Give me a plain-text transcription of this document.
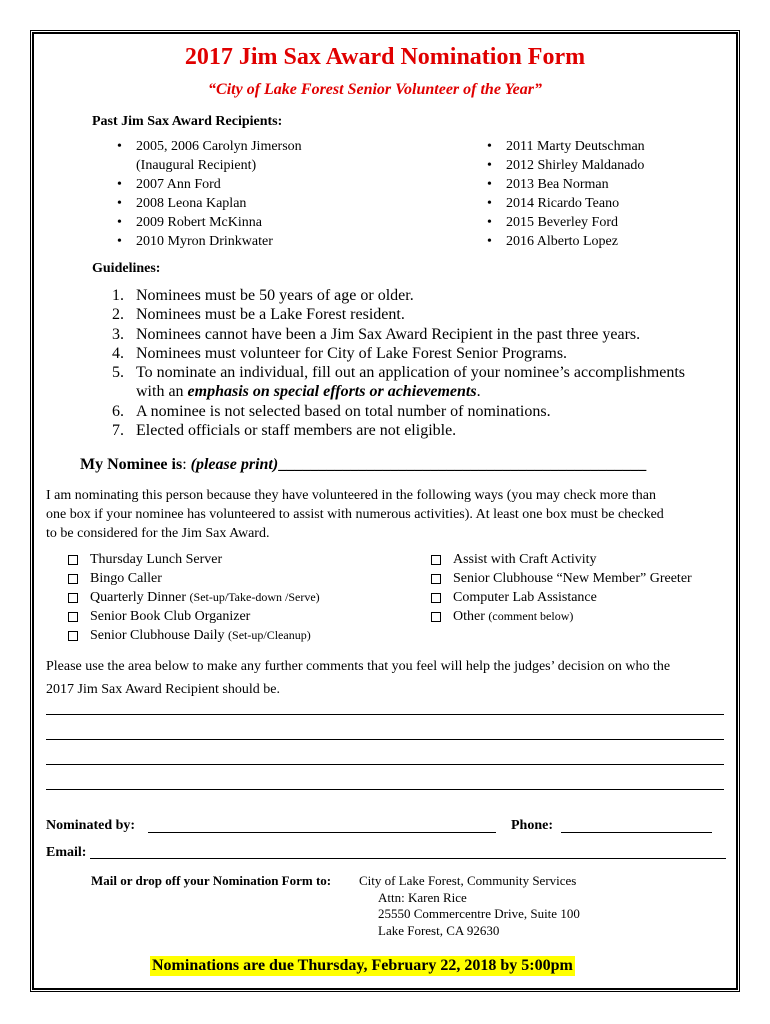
2017 Jim Sax Award Nomination Form
“City of Lake Forest Senior Volunteer of the Year”
Past Jim Sax Award Recipients:
• 2005, 2006 Carolyn Jimerson
(Inaugural Recipient)
• 2007 Ann Ford
• 2008 Leona Kaplan
• 2009 Robert McKinna
• 2010 Myron Drinkwater
• 2011 Marty Deutschman
• 2012 Shirley Maldanado
• 2013 Bea Norman
• 2014 Ricardo Teano
• 2015 Beverley Ford
• 2016 Alberto Lopez
Guidelines:
1. Nominees must be 50 years of age or older.
2. Nominees must be a Lake Forest resident.
3. Nominees cannot have been a Jim Sax Award Recipient in the past three years.
4. Nominees must volunteer for City of Lake Forest Senior Programs.
5. To nominate an individual, fill out an application of your nominee’s accomplishments
with an emphasis on special efforts or achievements.
6. A nominee is not selected based on total number of nominations.
7. Elected officials or staff members are not eligible.
My Nominee is: (please print)______________________________________________
I am nominating this person because they have volunteered in the following ways (you may check more than
one box if your nominee has volunteered to assist with numerous activities). At least one box must be checked
to be considered for the Jim Sax Award.
Thursday Lunch Server
Bingo Caller
Quarterly Dinner (Set-up/Take-down /Serve)
Senior Book Club Organizer
Senior Clubhouse Daily (Set-up/Cleanup)
Assist with Craft Activity
Senior Clubhouse “New Member” Greeter
Computer Lab Assistance
Other (comment below)
Please use the area below to make any further comments that you feel will help the judges’ decision on who the
2017 Jim Sax Award Recipient should be.
Nominated by:	Phone:
Email:
Mail or drop off your Nomination Form to: City of Lake Forest, Community Services
Attn: Karen Rice
25550 Commercentre Drive, Suite 100
Lake Forest, CA 92630
Nominations are due Thursday, February 22, 2018 by 5:00pm
